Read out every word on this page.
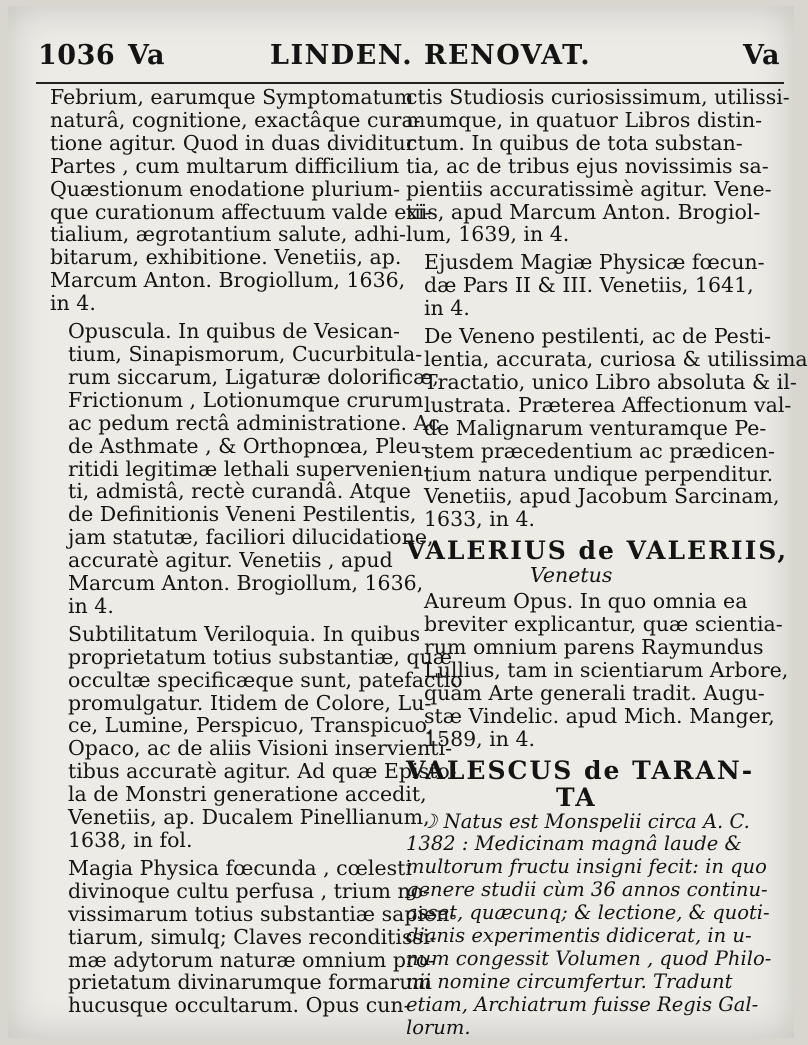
1036 Va	LINDEN. RENOVAT.	Va

Febrium, earumque Symptomatum
naturâ, cognitione, exactâque cura-
tione agitur. Quod in duas dividitur
Partes , cum multarum difficilium
Quæstionum enodatione plurium-
que curationum affectuum valde exi-
tialium, ægrotantium salute, adhi-
bitarum, exhibitione. Venetiis, ap.
Marcum Anton. Brogiollum, 1636,
in 4.

Opuscula. In quibus de Vesican-
tium, Sinapismorum, Cucurbitula-
rum siccarum, Ligaturæ dolorificæ,
Frictionum , Lotionumque crurum
ac pedum rectâ administratione. Ac
de Asthmate , & Orthopnœa, Pleu-
ritidi legitimæ lethali supervenien-
ti, admistâ, rectè curandâ. Atque
de Definitionis Veneni Pestilentis,
jam statutæ, faciliori dilucidatione,
accuratè agitur. Venetiis , apud
Marcum Anton. Brogiollum, 1636,
in 4.

Subtilitatum Veriloquia. In quibus
proprietatum totius substantiæ, quæ
occultæ specificæque sunt, patefactio
promulgatur. Itidem de Colore, Lu-
ce, Lumine, Perspicuo, Transpicuo,
Opaco, ac de aliis Visioni inservienti-
tibus accuratè agitur. Ad quæ Episto-
la de Monstri generatione accedit,
Venetiis, ap. Ducalem Pinellianum,
1638, in fol.

Magia Physica fœcunda , cœlesti
divinoque cultu perfusa , trium no-
vissimarum totius substantiæ sapien-
tiarum, simulq; Claves reconditissi-
mæ adytorum naturæ omnium pro-
prietatum divinarumque formarum
hucusque occultarum. Opus cun-

ctis Studiosis curiosissimum, utilissi-
mumque, in quatuor Libros distin-
ctum. In quibus de tota substan-
tia, ac de tribus ejus novissimis sa-
pientiis accuratissimè agitur. Vene-
tiis, apud Marcum Anton. Brogiol-
lum, 1639, in 4.

Ejusdem Magiæ Physicæ fœcun-
dæ Pars II & III. Venetiis, 1641,
in 4.

De Veneno pestilenti, ac de Pesti-
lentia, accurata, curiosa & utilissima
Tractatio, unico Libro absoluta & il-
lustrata. Præterea Affectionum val-
de Malignarum venturamque Pe-
stem præcedentium ac prædicen-
tium natura undique perpenditur.
Venetiis, apud Jacobum Sarcinam,
1633, in 4.

VALERIUS de VALERIIS,
Venetus

Aureum Opus. In quo omnia ea
breviter explicantur, quæ scientia-
rum omnium parens Raymundus
Lullius, tam in scientiarum Arbore,
quàm Arte generali tradit. Augu-
stæ Vindelic. apud Mich. Manger,
1589, in 4.

VALESCUS de TARAN-
TA
☽ Natus est Monspelii circa A. C.
1382 : Medicinam magnâ laude &
multorum fructu insigni fecit: in quo
genere studii cùm 36 annos continu-
asset, quæcunq; & lectione, & quoti-
dianis experimentis didicerat, in u-
num congessit Volumen , quod Philo-
nii nomine circumfertur. Tradunt
etiam, Archiatrum fuisse Regis Gal-
lorum.
